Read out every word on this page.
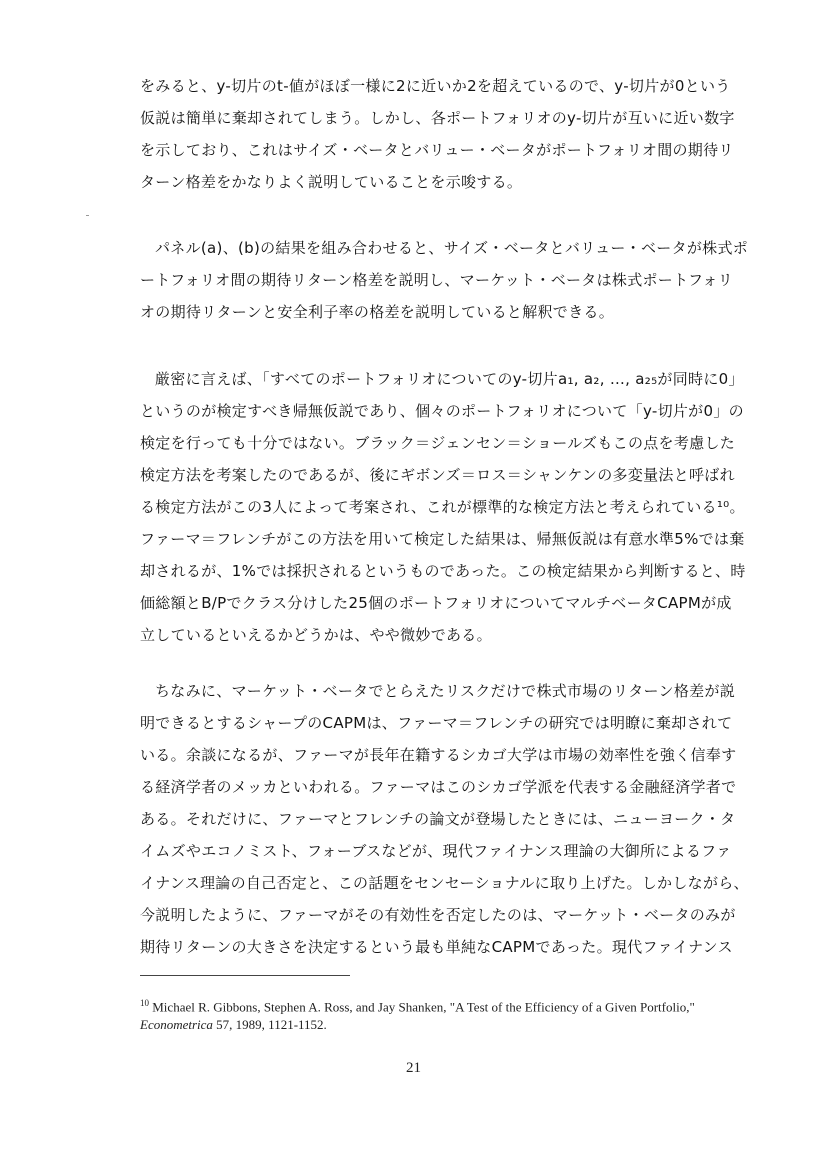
をみると、y-切片のt-値がほぼ一様に2に近いか2を超えているので、y-切片が0という
仮説は簡単に棄却されてしまう。しかし、各ポートフォリオのy-切片が互いに近い数字
を示しており、これはサイズ・ベータとバリュー・ベータがポートフォリオ間の期待リ
ターン格差をかなりよく説明していることを示唆する。
パネル(a)、(b)の結果を組み合わせると、サイズ・ベータとバリュー・ベータが株式ポ
ートフォリオ間の期待リターン格差を説明し、マーケット・ベータは株式ポートフォリ
オの期待リターンと安全利子率の格差を説明していると解釈できる。
厳密に言えば、「すべてのポートフォリオについてのy-切片a₁, a₂, …, a₂₅が同時に0」
というのが検定すべき帰無仮説であり、個々のポートフォリオについて「y-切片が0」の
検定を行っても十分ではない。ブラック＝ジェンセン＝ショールズもこの点を考慮した
検定方法を考案したのであるが、後にギボンズ＝ロス＝シャンケンの多変量法と呼ばれ
る検定方法がこの3人によって考案され、これが標準的な検定方法と考えられている¹⁰。
ファーマ＝フレンチがこの方法を用いて検定した結果は、帰無仮説は有意水準5%では棄
却されるが、1%では採択されるというものであった。この検定結果から判断すると、時
価総額とB/Pでクラス分けした25個のポートフォリオについてマルチベータCAPMが成
立しているといえるかどうかは、やや微妙である。
ちなみに、マーケット・ベータでとらえたリスクだけで株式市場のリターン格差が説
明できるとするシャープのCAPMは、ファーマ＝フレンチの研究では明瞭に棄却されて
いる。余談になるが、ファーマが長年在籍するシカゴ大学は市場の効率性を強く信奉す
る経済学者のメッカといわれる。ファーマはこのシカゴ学派を代表する金融経済学者で
ある。それだけに、ファーマとフレンチの論文が登場したときには、ニューヨーク・タ
イムズやエコノミスト、フォーブスなどが、現代ファイナンス理論の大御所によるファ
イナンス理論の自己否定と、この話題をセンセーショナルに取り上げた。しかしながら、
今説明したように、ファーマがその有効性を否定したのは、マーケット・ベータのみが
期待リターンの大きさを決定するという最も単純なCAPMであった。現代ファイナンス
$^{10}$ Michael R. Gibbons, Stephen A. Ross, and Jay Shanken, "A Test of the Efficiency of a Given Portfolio,"
Econometrica 57, 1989, 1121-1152.
21
